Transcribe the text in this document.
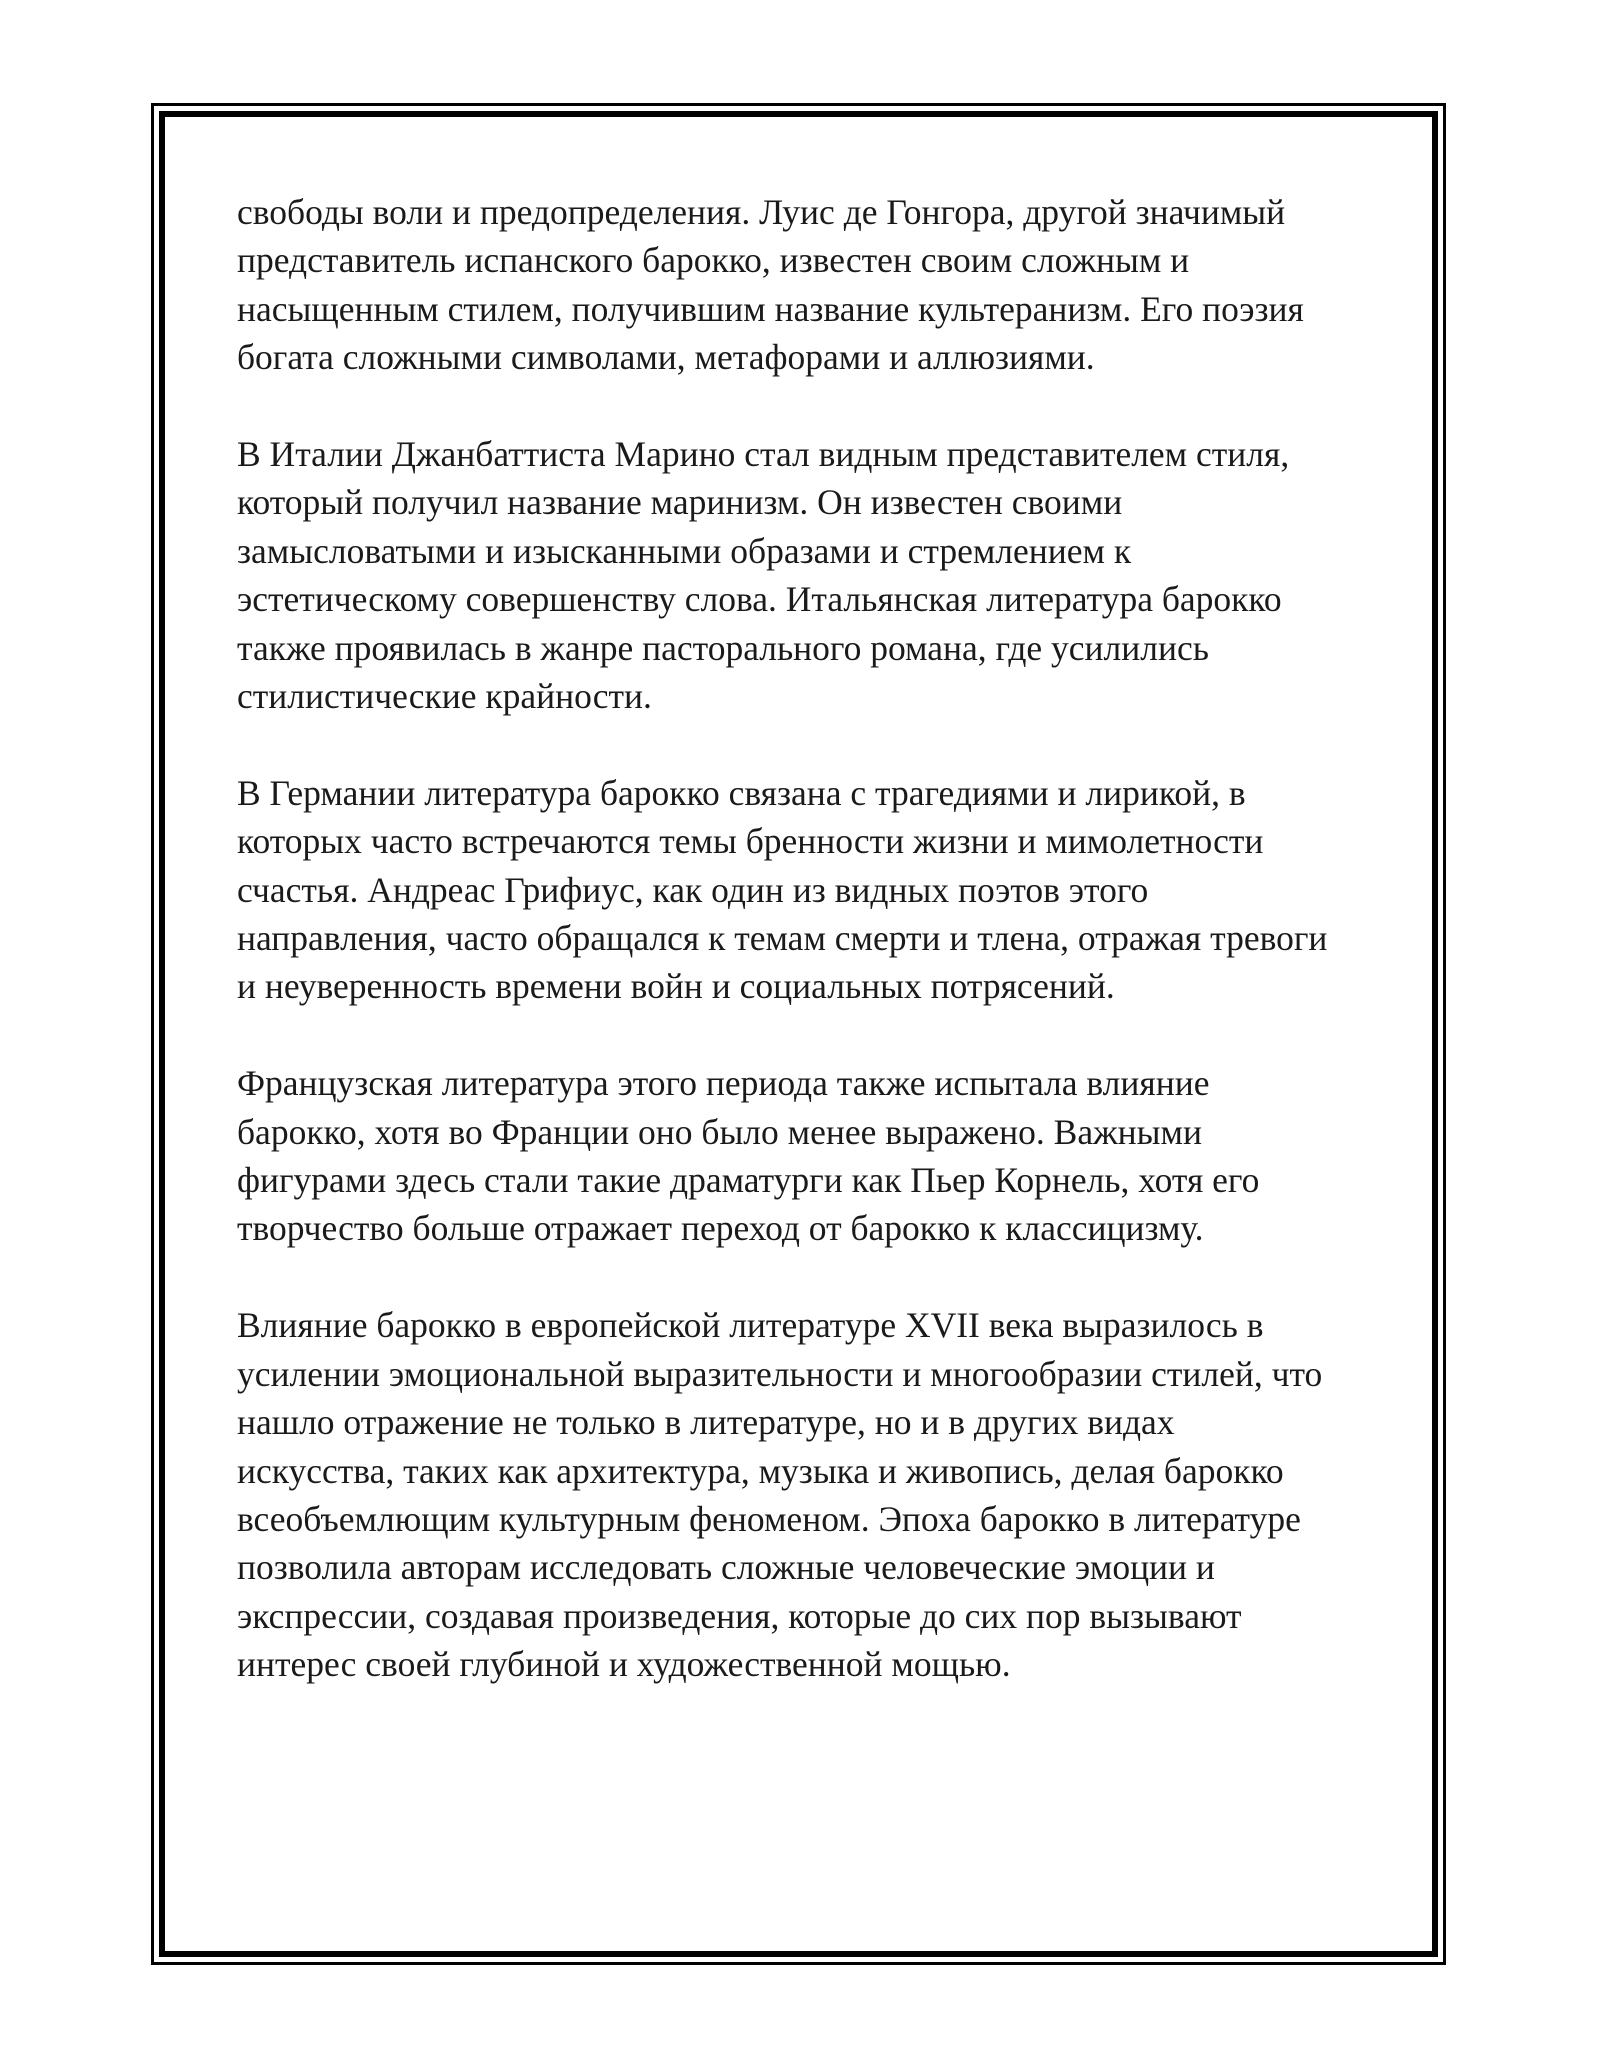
свободы воли и предопределения. Луис де Гонгора, другой значимый
представитель испанского барокко, известен своим сложным и
насыщенным стилем, получившим название культеранизм. Его поэзия
богата сложными символами, метафорами и аллюзиями.

В Италии Джанбаттиста Марино стал видным представителем стиля,
который получил название маринизм. Он известен своими
замысловатыми и изысканными образами и стремлением к
эстетическому совершенству слова. Итальянская литература барокко
также проявилась в жанре пасторального романа, где усилились
стилистические крайности.

В Германии литература барокко связана с трагедиями и лирикой, в
которых часто встречаются темы бренности жизни и мимолетности
счастья. Андреас Грифиус, как один из видных поэтов этого
направления, часто обращался к темам смерти и тлена, отражая тревоги
и неуверенность времени войн и социальных потрясений.

Французская литература этого периода также испытала влияние
барокко, хотя во Франции оно было менее выражено. Важными
фигурами здесь стали такие драматурги как Пьер Корнель, хотя его
творчество больше отражает переход от барокко к классицизму.

Влияние барокко в европейской литературе XVII века выразилось в
усилении эмоциональной выразительности и многообразии стилей, что
нашло отражение не только в литературе, но и в других видах
искусства, таких как архитектура, музыка и живопись, делая барокко
всеобъемлющим культурным феноменом. Эпоха барокко в литературе
позволила авторам исследовать сложные человеческие эмоции и
экспрессии, создавая произведения, которые до сих пор вызывают
интерес своей глубиной и художественной мощью.
